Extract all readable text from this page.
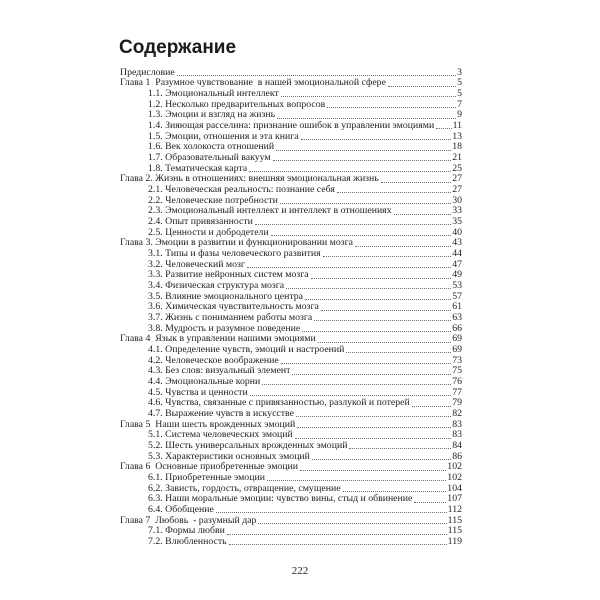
Содержание
Предисловие	3
Глава 1  Разумное чувствование  в нашей эмоциональной сфере	5
1.1. Эмоциональный интеллект	5
1.2. Несколько предварительных вопросов	7
1.3. Эмоции и взгляд на жизнь	9
1.4. Зияющая расселина: признание ошибок в управлении эмоциями 11
1.5. Эмоции, отношения и эта книга	13
1.6. Век холокоста отношений	18
1.7. Образовательный вакуум	21
1.8. Тематическая карта	25
Глава 2. Жизнь в отношениях: внешняя эмоциональная жизнь	27
2.1. Человеческая реальность: познание себя	27
2.2. Человеческие потребности	30
2.3. Эмоциональный интеллект и интеллект в отношениях	33
2.4. Опыт привязанности	35
2.5. Ценности и добродетели	40
Глава 3. Эмоции в развитии и функционировании мозга	43
3.1. Типы и фазы человеческого развития	44
3.2. Человеческий мозг	47
3.3. Развитие нейронных систем мозга	49
3.4. Физическая структура мозга	53
3.5. Влияние эмоционального центра	57
3.6. Химическая чувствительность мозга	61
3.7. Жизнь с пониманием работы мозга	63
3.8. Мудрость и разумное поведение	66
Глава 4  Язык в управлении нашими эмоциями	69
4.1. Определение чувств, эмоций и настроений	69
4.2. Человеческое воображение	73
4.3. Без слов: визуальный элемент	75
4.4. Эмоциональные корни	76
4.5. Чувства и ценности	77
4.6. Чувства, связанные с привязанностью, разлукой и потерей	79
4.7. Выражение чувств в искусстве	82
Глава 5  Наши шесть врожденных эмоций	83
5.1. Система человеческих эмоций	83
5.2. Шесть универсальных врожденных эмоций	84
5.3. Характеристики основных эмоций	86
Глава 6  Основные приобретенные эмоции	102
6.1. Приобретенные эмоции	102
6.2. Зависть, гордость, отвращение, смущение	104
6.3. Наши моральные эмоции: чувство вины, стыд и обвинение	107
6.4. Обобщение	112
Глава 7  Любовь  - разумный дар	115
7.1. Формы любви	115
7.2. Влюбленность	119
222
